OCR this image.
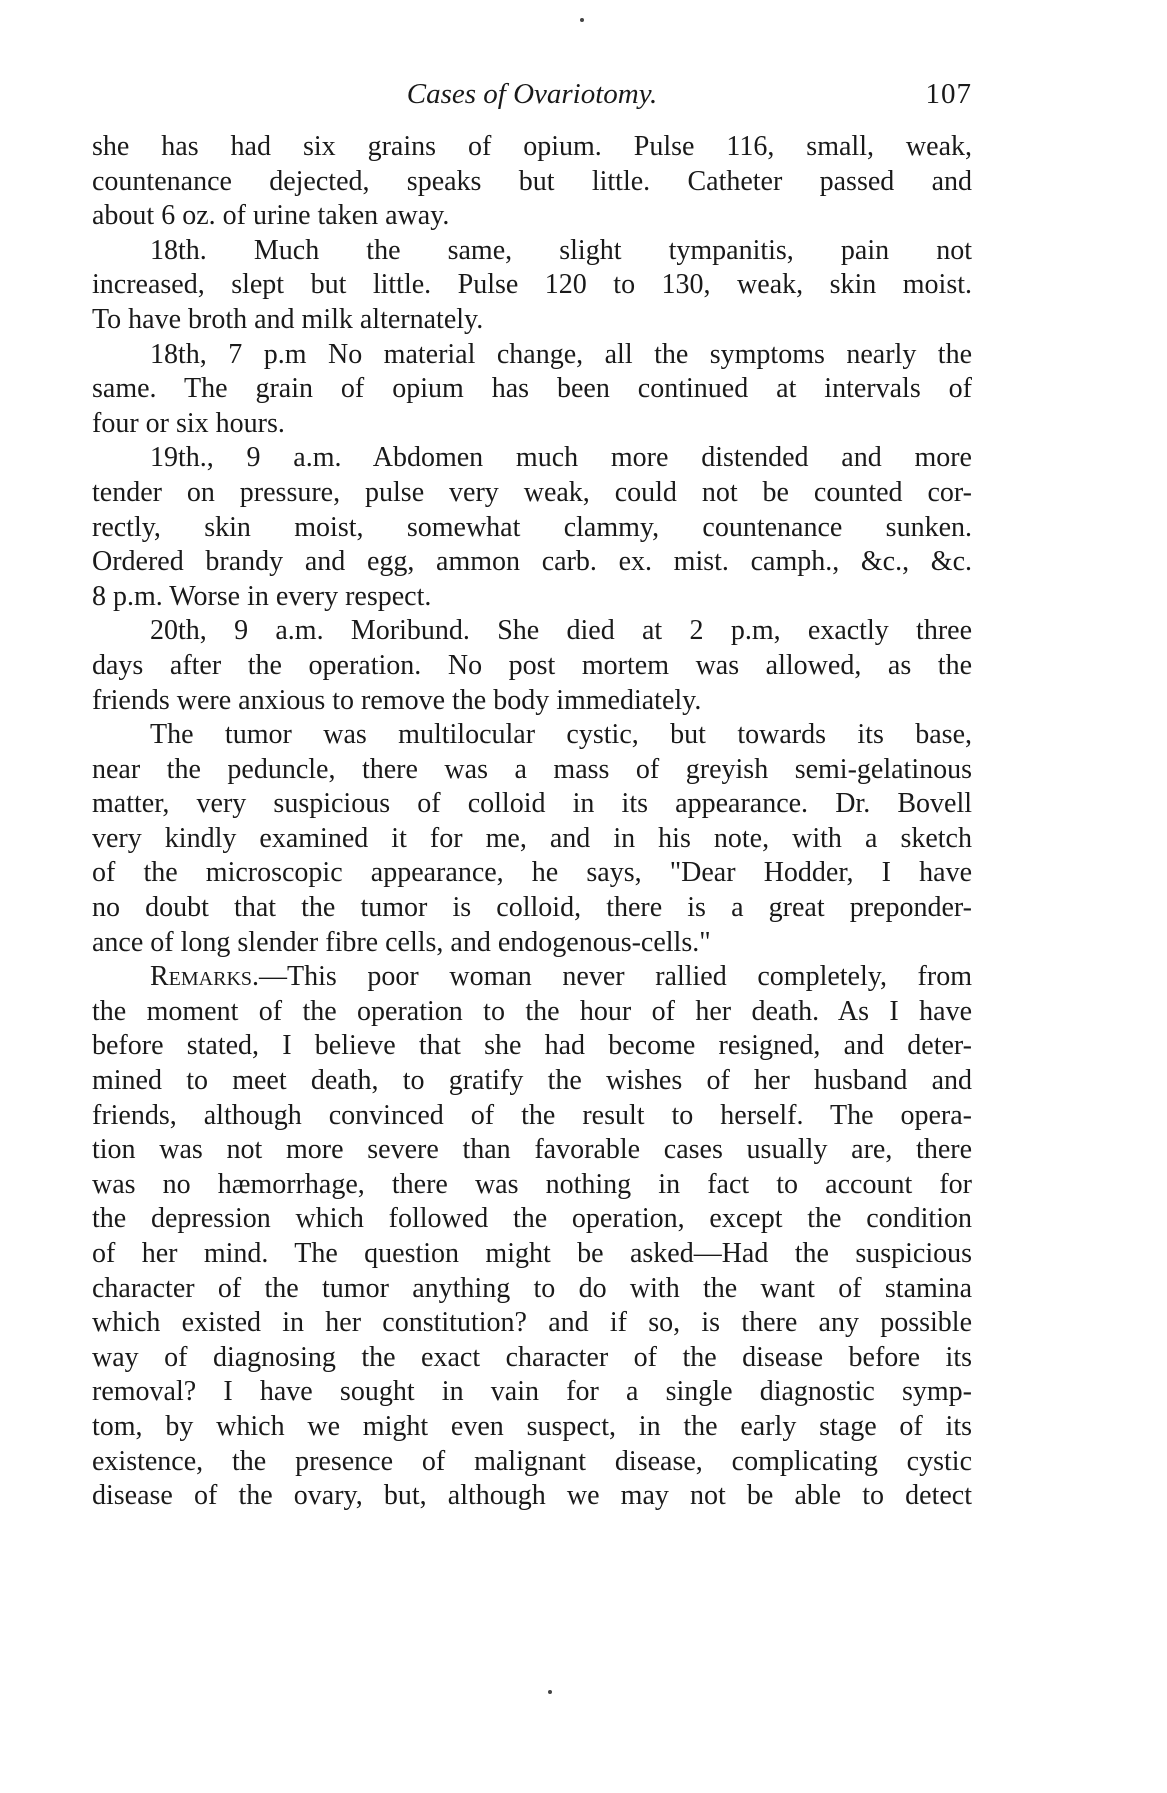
Cases of Ovariotomy.	107
she has had six grains of opium. Pulse 116, small, weak,
countenance dejected, speaks but little. Catheter passed and
about 6 oz. of urine taken away.
18th. Much the same, slight tympanitis, pain not
increased, slept but little. Pulse 120 to 130, weak, skin moist.
To have broth and milk alternately.
18th, 7 p.m No material change, all the symptoms nearly the
same. The grain of opium has been continued at intervals of
four or six hours.
19th., 9 a.m. Abdomen much more distended and more
tender on pressure, pulse very weak, could not be counted cor-
rectly, skin moist, somewhat clammy, countenance sunken.
Ordered brandy and egg, ammon carb. ex. mist. camph., &c., &c.
8 p.m. Worse in every respect.
20th, 9 a.m. Moribund. She died at 2 p.m, exactly three
days after the operation. No post mortem was allowed, as the
friends were anxious to remove the body immediately.
The tumor was multilocular cystic, but towards its base,
near the peduncle, there was a mass of greyish semi-gelatinous
matter, very suspicious of colloid in its appearance. Dr. Bovell
very kindly examined it for me, and in his note, with a sketch
of the microscopic appearance, he says, "Dear Hodder, I have
no doubt that the tumor is colloid, there is a great preponder-
ance of long slender fibre cells, and endogenous-cells."
Remarks.—This poor woman never rallied completely, from
the moment of the operation to the hour of her death. As I have
before stated, I believe that she had become resigned, and deter-
mined to meet death, to gratify the wishes of her husband and
friends, although convinced of the result to herself. The opera-
tion was not more severe than favorable cases usually are, there
was no hæmorrhage, there was nothing in fact to account for
the depression which followed the operation, except the condition
of her mind. The question might be asked—Had the suspicious
character of the tumor anything to do with the want of stamina
which existed in her constitution? and if so, is there any possible
way of diagnosing the exact character of the disease before its
removal? I have sought in vain for a single diagnostic symp-
tom, by which we might even suspect, in the early stage of its
existence, the presence of malignant disease, complicating cystic
disease of the ovary, but, although we may not be able to detect
